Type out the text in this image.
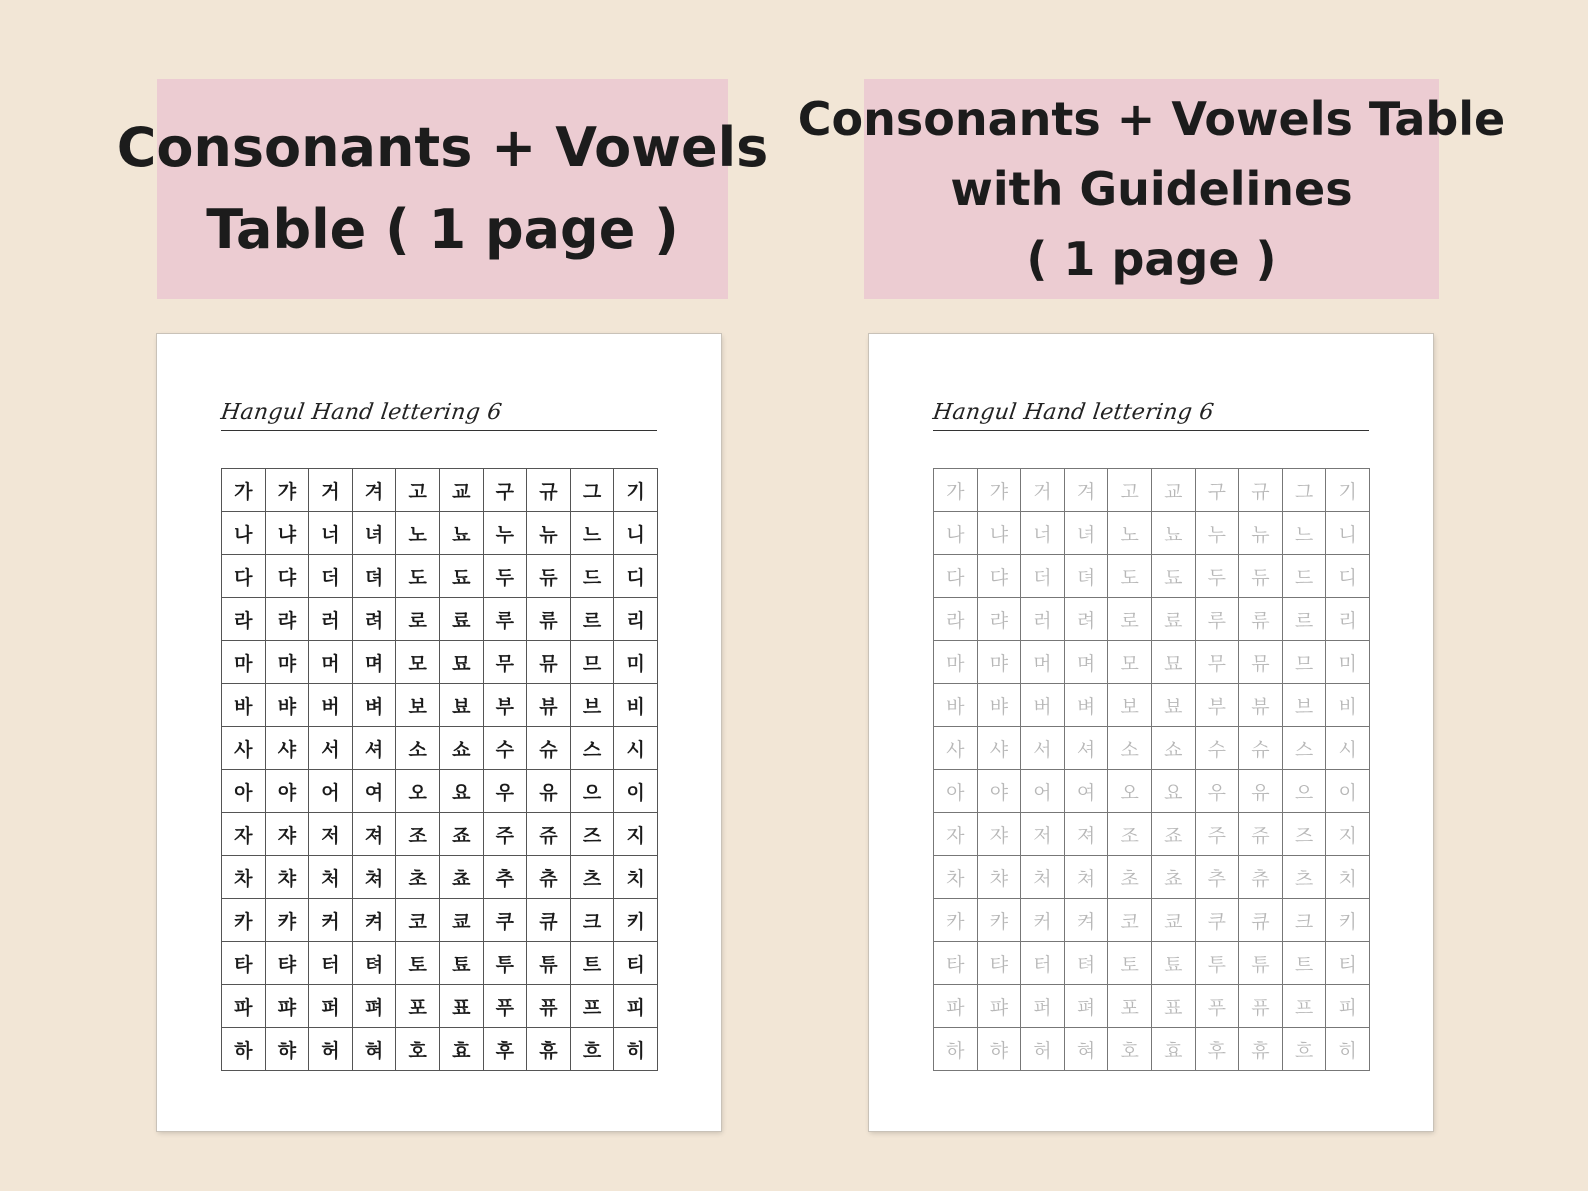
Consonants + Vowels
Table ( 1 page )
Consonants + Vowels Table
with Guidelines
( 1 page )
Hangul Hand lettering 6
가	갸	거	겨	고	교	구	규	그	기
나	냐	너	녀	노	뇨	누	뉴	느	니
다	댜	더	뎌	도	됴	두	듀	드	디
라	랴	러	려	로	료	루	류	르	리
마	먀	머	며	모	묘	무	뮤	므	미
바	뱌	버	벼	보	뵤	부	뷰	브	비
사	샤	서	셔	소	쇼	수	슈	스	시
아	야	어	여	오	요	우	유	으	이
자	쟈	저	져	조	죠	주	쥬	즈	지
차	챠	처	쳐	초	쵸	추	츄	츠	치
카	캬	커	켜	코	쿄	쿠	큐	크	키
타	탸	터	텨	토	툐	투	튜	트	티
파	퍄	퍼	펴	포	표	푸	퓨	프	피
하	햐	허	혀	호	효	후	휴	흐	히
Hangul Hand lettering 6
가	갸	거	겨	고	교	구	규	그	기
나	냐	너	녀	노	뇨	누	뉴	느	니
다	댜	더	뎌	도	됴	두	듀	드	디
라	랴	러	려	로	료	루	류	르	리
마	먀	머	며	모	묘	무	뮤	므	미
바	뱌	버	벼	보	뵤	부	뷰	브	비
사	샤	서	셔	소	쇼	수	슈	스	시
아	야	어	여	오	요	우	유	으	이
자	쟈	저	져	조	죠	주	쥬	즈	지
차	챠	처	쳐	초	쵸	추	츄	츠	치
카	캬	커	켜	코	쿄	쿠	큐	크	키
타	탸	터	텨	토	툐	투	튜	트	티
파	퍄	퍼	펴	포	표	푸	퓨	프	피
하	햐	허	혀	호	효	후	휴	흐	히
